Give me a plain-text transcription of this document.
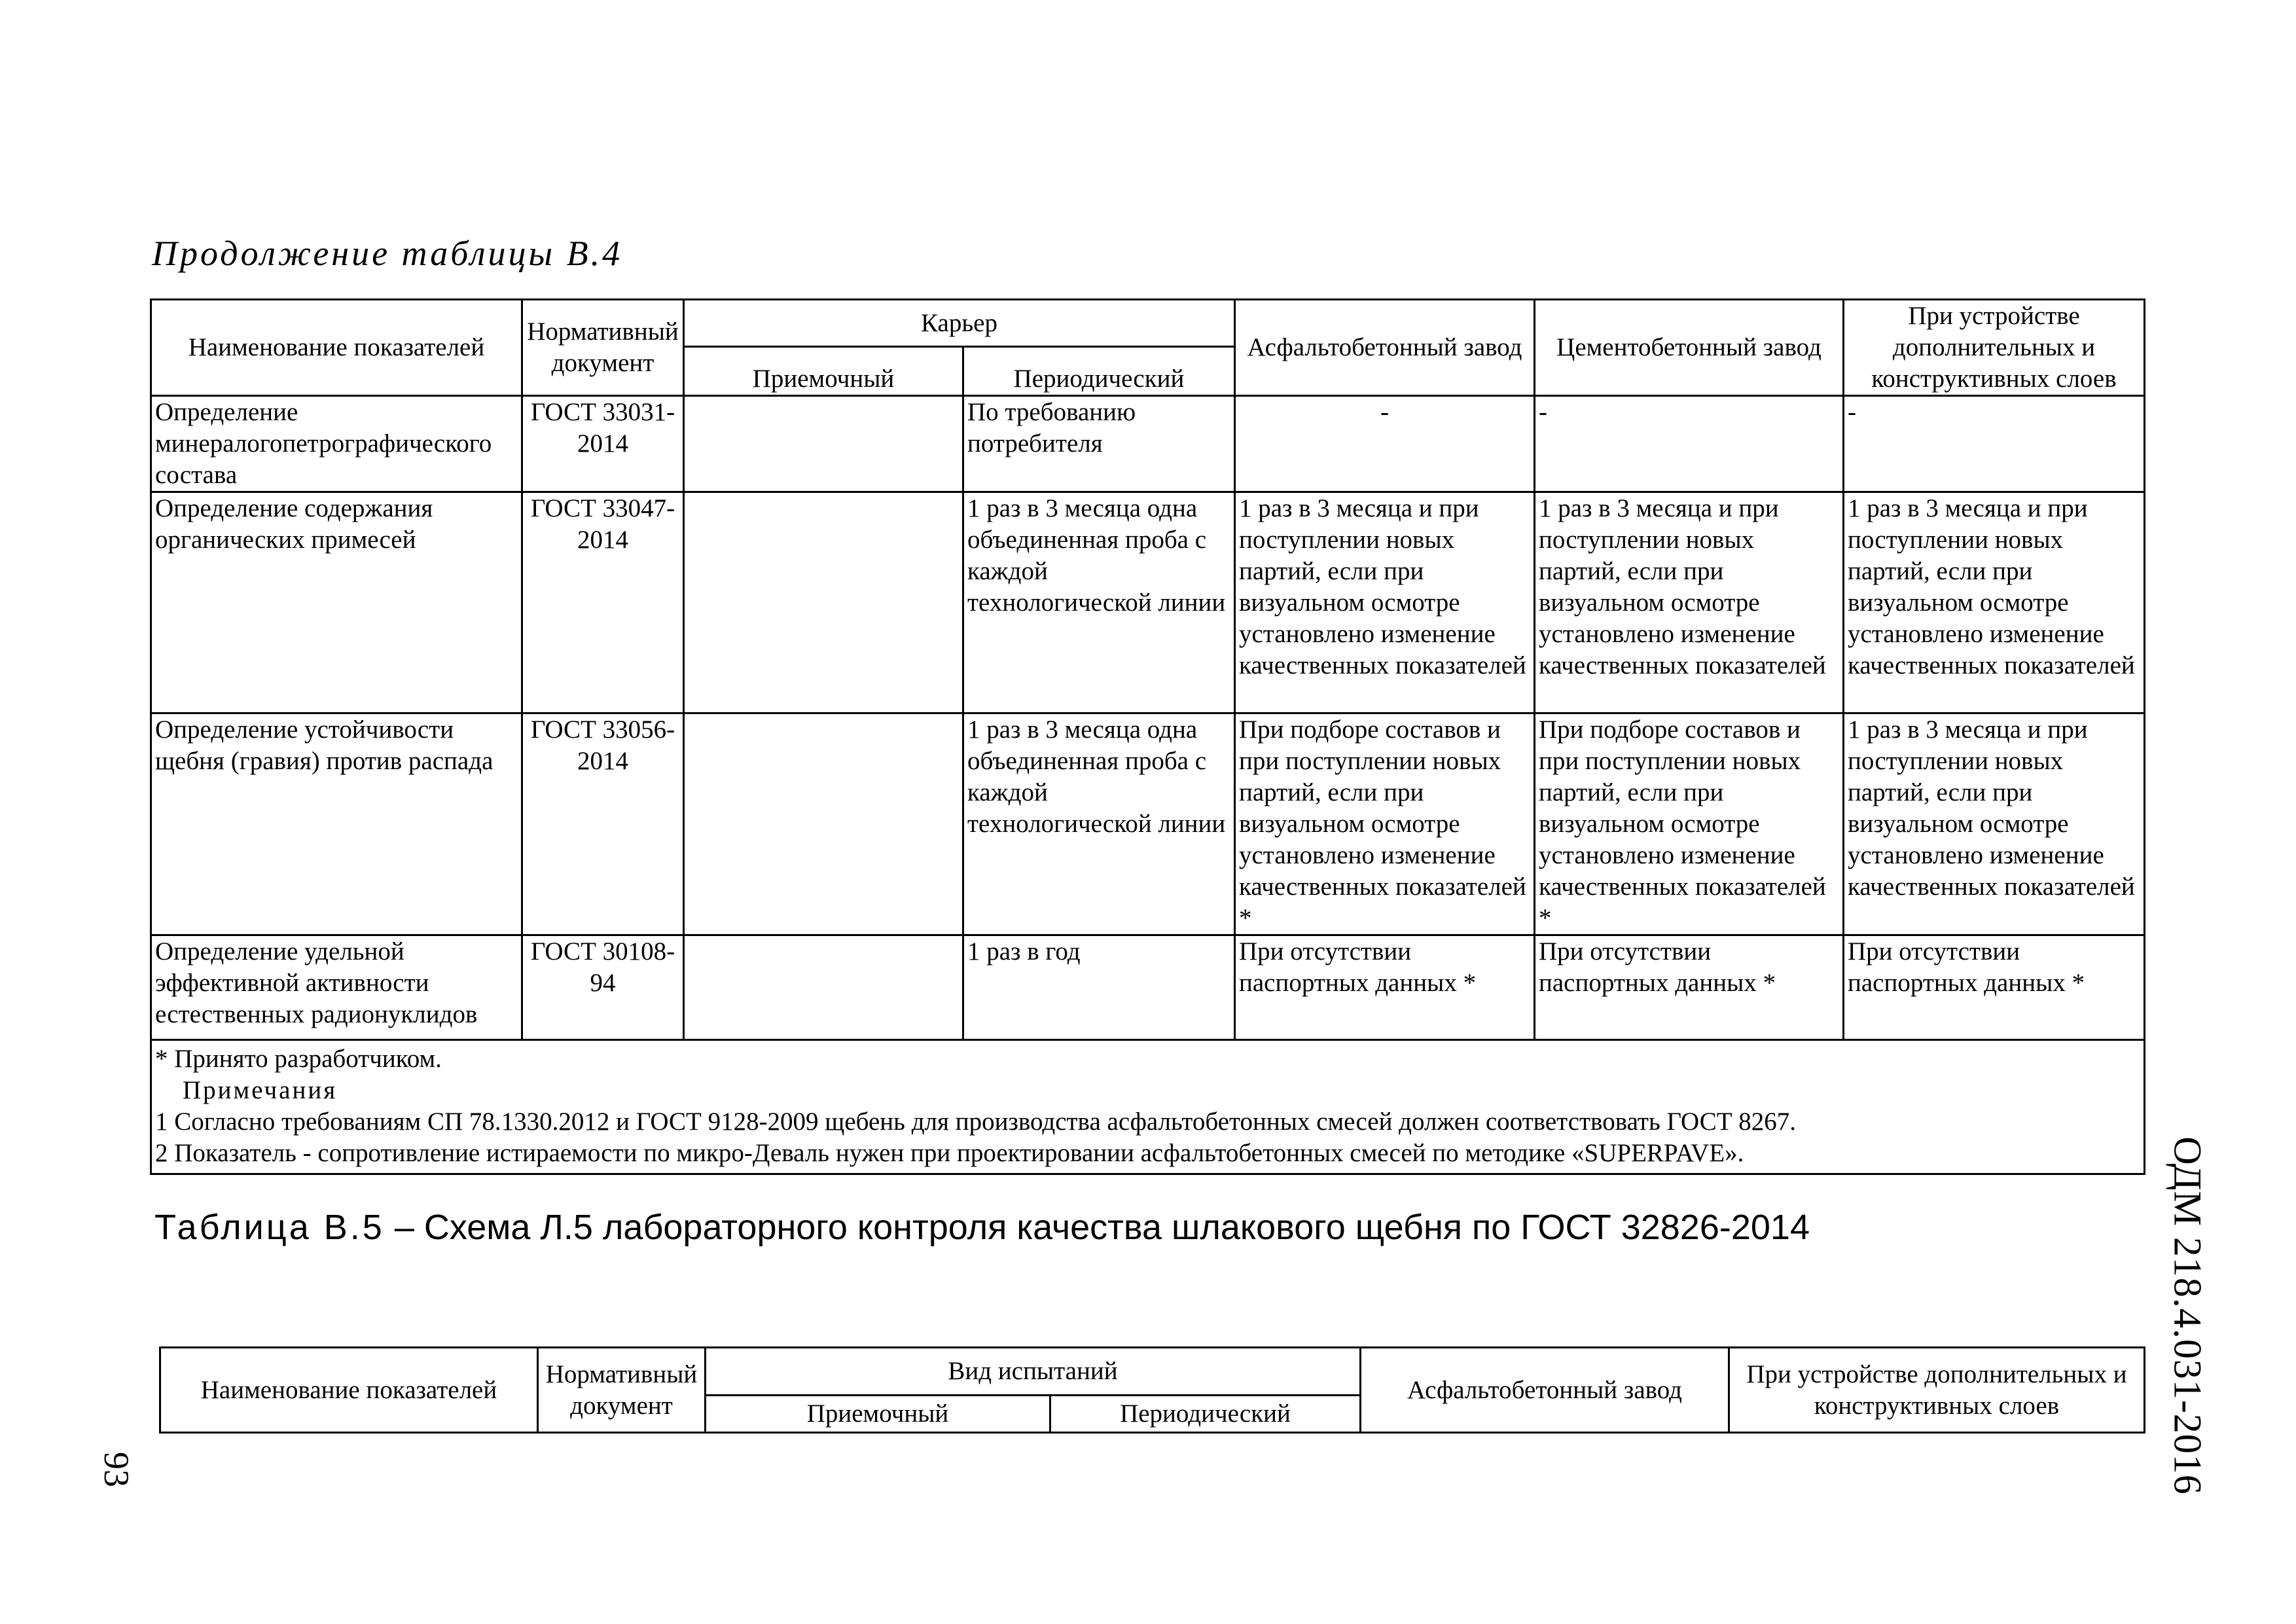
Продолжение таблицы В.4
Наименование показателей	Нормативный документ	Карьер		Асфальтобетонный завод	Цементобетонный завод	При устройстве дополнительных и конструктивных слоев
		Приемочный	Периодический			
Определение минералогопетрографического состава	ГОСТ 33031-2014		По требованию потребителя	-	-	-
Определение содержания органических примесей	ГОСТ 33047-2014		1 раз в 3 месяца одна объединенная проба с каждой технологической линии	1 раз в 3 месяца и при поступлении новых партий, если при визуальном осмотре установлено изменение качественных показателей	1 раз в 3 месяца и при поступлении новых партий, если при визуальном осмотре установлено изменение качественных показателей	1 раз в 3 месяца и при поступлении новых партий, если при визуальном осмотре установлено изменение качественных показателей
Определение устойчивости щебня (гравия) против распада	ГОСТ 33056-2014		1 раз в 3 месяца одна объединенная проба с каждой технологической линии	При подборе составов и при поступлении новых партий, если при визуальном осмотре установлено изменение качественных показателей *	При подборе составов и при поступлении новых партий, если при визуальном осмотре установлено изменение качественных показателей *	1 раз в 3 месяца и при поступлении новых партий, если при визуальном осмотре установлено изменение качественных показателей
Определение удельной эффективной активности естественных радионуклидов	ГОСТ 30108-94		1 раз в год	При отсутствии паспортных данных *	При отсутствии паспортных данных *	При отсутствии паспортных данных *

* Принято разработчиком.
Примечания
1 Согласно требованиям СП 78.1330.2012 и ГОСТ 9128-2009 щебень для производства асфальтобетонных смесей должен соответствовать ГОСТ 8267.
2 Показатель - сопротивление истираемости по микро-Деваль нужен при проектировании асфальтобетонных смесей по методике «SUPERPAVE».						
Таблица В.5 – Схема Л.5 лабораторного контроля качества шлакового щебня по ГОСТ 32826-2014
Наименование показателей	Нормативный документ	Вид испытаний		Асфальтобетонный завод	При устройстве дополнительных и конструктивных слоев
		Приемочный	Периодический		
93	ОДМ 218.4.031-2016
